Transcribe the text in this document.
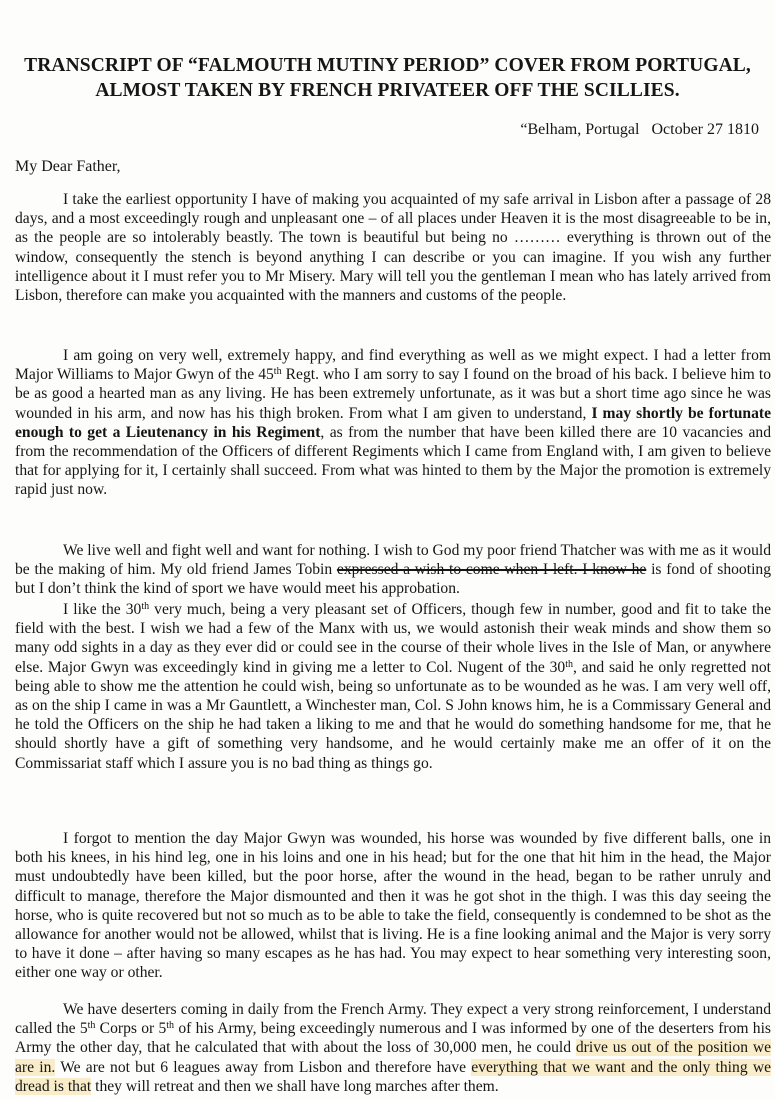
TRANSCRIPT OF “FALMOUTH MUTINY PERIOD” COVER FROM PORTUGAL,
ALMOST TAKEN BY FRENCH PRIVATEER OFF THE SCILLIES.
“Belham, Portugal   October 27 1810
My Dear Father,

I take the earliest opportunity I have of making you acquainted of my safe arrival in Lisbon after a passage of 28 days, and a most exceedingly rough and unpleasant one – of all places under Heaven it is the most disagreeable to be in, as the people are so intolerably beastly. The town is beautiful but being no ……… everything is thrown out of the window, consequently the stench is beyond anything I can describe or you can imagine. If you wish any further intelligence about it I must refer you to Mr Misery. Mary will tell you the gentleman I mean who has lately arrived from Lisbon, therefore can make you acquainted with the manners and customs of the people.

I am going on very well, extremely happy, and find everything as well as we might expect. I had a letter from Major Williams to Major Gwyn of the 45th Regt. who I am sorry to say I found on the broad of his back. I believe him to be as good a hearted man as any living. He has been extremely unfortunate, as it was but a short time ago since he was wounded in his arm, and now has his thigh broken. From what I am given to understand, I may shortly be fortunate enough to get a Lieutenancy in his Regiment, as from the number that have been killed there are 10 vacancies and from the recommendation of the Officers of different Regiments which I came from England with, I am given to believe that for applying for it, I certainly shall succeed. From what was hinted to them by the Major the promotion is extremely rapid just now.

We live well and fight well and want for nothing. I wish to God my poor friend Thatcher was with me as it would be the making of him. My old friend James Tobin expressed a wish to come when I left. I know he is fond of shooting but I don’t think the kind of sport we have would meet his approbation.

I like the 30th very much, being a very pleasant set of Officers, though few in number, good and fit to take the field with the best. I wish we had a few of the Manx with us, we would astonish their weak minds and show them so many odd sights in a day as they ever did or could see in the course of their whole lives in the Isle of Man, or anywhere else. Major Gwyn was exceedingly kind in giving me a letter to Col. Nugent of the 30th, and said he only regretted not being able to show me the attention he could wish, being so unfortunate as to be wounded as he was. I am very well off, as on the ship I came in was a Mr Gauntlett, a Winchester man, Col. S John knows him, he is a Commissary General and he told the Officers on the ship he had taken a liking to me and that he would do something handsome for me, that he should shortly have a gift of something very handsome, and he would certainly make me an offer of it on the Commissariat staff which I assure you is no bad thing as things go.

I forgot to mention the day Major Gwyn was wounded, his horse was wounded by five different balls, one in both his knees, in his hind leg, one in his loins and one in his head; but for the one that hit him in the head, the Major must undoubtedly have been killed, but the poor horse, after the wound in the head, began to be rather unruly and difficult to manage, therefore the Major dismounted and then it was he got shot in the thigh. I was this day seeing the horse, who is quite recovered but not so much as to be able to take the field, consequently is condemned to be shot as the allowance for another would not be allowed, whilst that is living. He is a fine looking animal and the Major is very sorry to have it done – after having so many escapes as he has had. You may expect to hear something very interesting soon, either one way or other.

We have deserters coming in daily from the French Army. They expect a very strong reinforcement, I understand called the 5th Corps or 5th of his Army, being exceedingly numerous and I was informed by one of the deserters from his Army the other day, that he calculated that with about the loss of 30,000 men, he could drive us out of the position we are in. We are not but 6 leagues away from Lisbon and therefore have everything that we want and the only thing we dread is that they will retreat and then we shall have long marches after them.
